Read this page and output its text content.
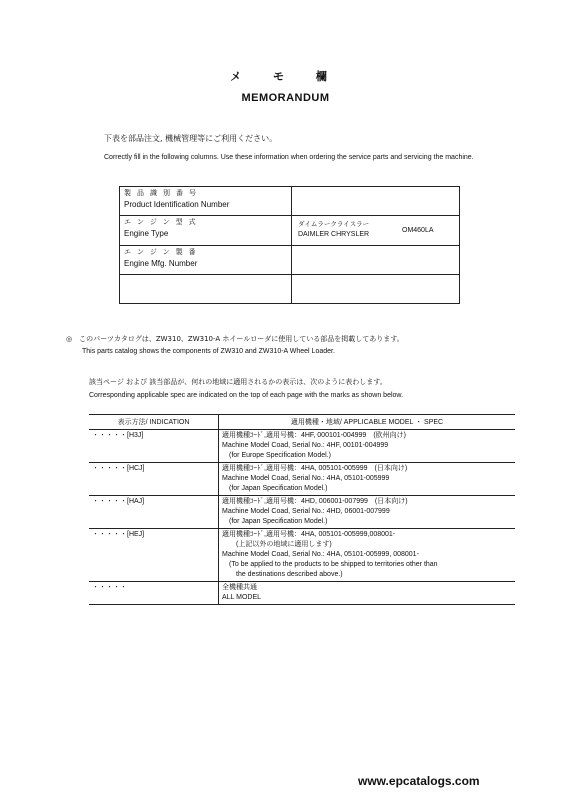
メ モ 欄
MEMORANDUM
下表を部品注文, 機械管理等にご利用ください。
Correctly fill in the following columns. Use these information when ordering the service parts and servicing the machine.
製品識別番号
Product Identification Number	

エンジン型式
Engine Type	ダイムラークライスラー
DAIMLER CHRYSLER
OM460LA

エンジン製番
Engine Mfg. Number	

◎　このパーツカタログは、ZW310、ZW310-A ホイールローダに使用している部品を掲載してあります。
This parts catalog shows the components of ZW310 and ZW310-A Wheel Loader.
該当ページ および 該当部品が、何れの地域に適用されるかの表示は、次のように表わします。
Corresponding applicable spec are indicated on the top of each page with the marks as shown below.
表示方法/ INDICATION	適用機種・地域/ APPLICABLE MODEL ・ SPEC
・・・・・[H3J]	適用機種ｺｰﾄﾞ,適用号機：4HF, 000101-004999　(欧州向け)
Machine Model Coad, Serial No.: 4HF, 00101-004999
　(for Europe Specification Model.)

・・・・・[HCJ]	適用機種ｺｰﾄﾞ,適用号機：4HA, 005101-005999　(日本向け)
Machine Model Coad, Serial No.: 4HA, 05101-005999
　(for Japan Specification Model.)

・・・・・[HAJ]	適用機種ｺｰﾄﾞ,適用号機：4HD, 006001-007999　(日本向け)
Machine Model Coad, Serial No.: 4HD, 06001-007999
　(for Japan Specification Model.)

・・・・・[HEJ]	適用機種ｺｰﾄﾞ,適用号機：4HA, 005101-005999,008001-
　　(上記以外の地域に適用します)
Machine Model Coad, Serial No.: 4HA, 05101-005999, 008001-
　(To be applied to the products to be shipped to territories other than
　　the destinations described above.)

・・・・・	全機種共通
ALL MODEL
www.epcatalogs.com
